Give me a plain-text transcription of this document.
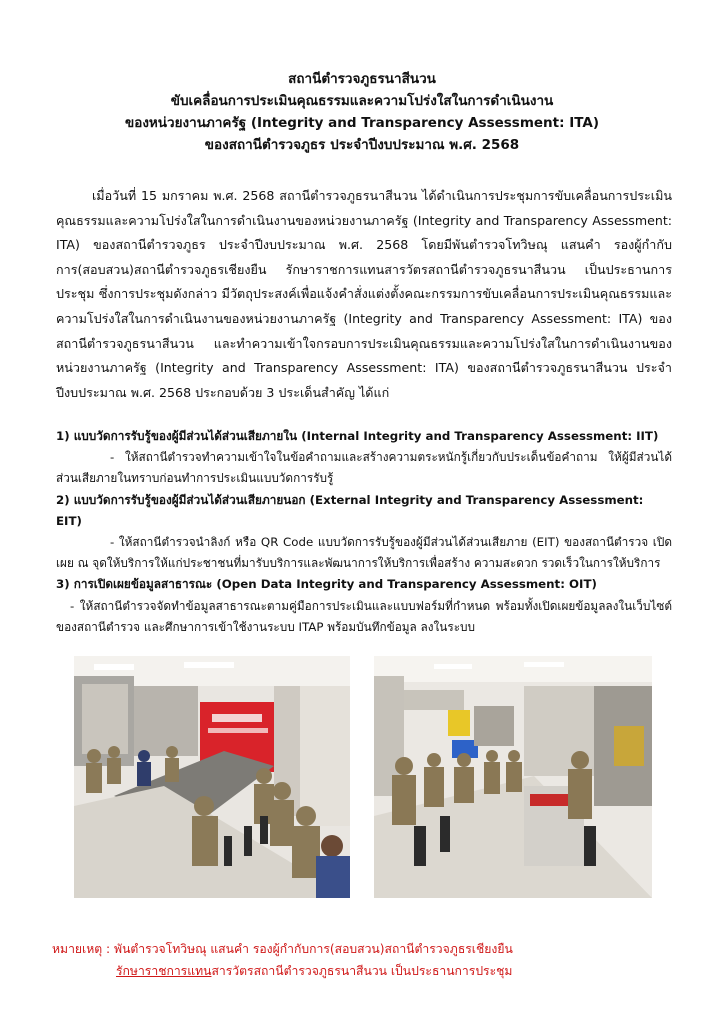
สถานีตำรวจภูธรนาสีนวน
ขับเคลื่อนการประเมินคุณธรรมและความโปร่งใสในการดำเนินงาน
ของหน่วยงานภาครัฐ (Integrity and Transparency Assessment: ITA)
ของสถานีตำรวจภูธร ประจำปีงบประมาณ พ.ศ. 2568
เมื่อวันที่ 15 มกราคม พ.ศ. 2568 สถานีตำรวจภูธรนาสีนวน ได้ดำเนินการประชุมการขับเคลื่อนการประเมินคุณธรรมและความโปร่งใสในการดำเนินงานของหน่วยงานภาครัฐ (Integrity and Transparency Assessment: ITA) ของสถานีตำรวจภูธร ประจำปีงบประมาณ พ.ศ. 2568 โดยมีพันตำรวจโทวิษณุ แสนคำ รองผู้กำกับการ(สอบสวน)สถานีตำรวจภูธรเชียงยืน รักษาราชการแทนสารวัตรสถานีตำรวจภูธรนาสีนวน เป็นประธานการประชุม ซึ่งการประชุมดังกล่าว มีวัตถุประสงค์เพื่อแจ้งคำสั่งแต่งตั้งคณะกรรมการขับเคลื่อนการประเมินคุณธรรมและความโปร่งใสในการดำเนินงานของหน่วยงานภาครัฐ (Integrity and Transparency Assessment: ITA) ของสถานีตำรวจภูธรนาสีนวน และทำความเข้าใจกรอบการประเมินคุณธรรมและความโปร่งใสในการดำเนินงานของหน่วยงานภาครัฐ (Integrity and Transparency Assessment: ITA) ของสถานีตำรวจภูธรนาสีนวน ประจำปีงบประมาณ พ.ศ. 2568 ประกอบด้วย 3 ประเด็นสำคัญ ได้แก่
1) แบบวัดการรับรู้ของผู้มีส่วนได้ส่วนเสียภายใน (Internal Integrity and Transparency Assessment: IIT)
- ให้สถานีตำรวจทำความเข้าใจในข้อคำถามและสร้างความตระหนักรู้เกี่ยวกับประเด็นข้อคำถาม ให้ผู้มีส่วนได้ส่วนเสียภายในทราบก่อนทำการประเมินแบบวัดการรับรู้
2) แบบวัดการรับรู้ของผู้มีส่วนได้ส่วนเสียภายนอก (External Integrity and Transparency Assessment: EIT)
- ให้สถานีตำรวจนำลิงก์ หรือ QR Code แบบวัดการรับรู้ของผู้มีส่วนได้ส่วนเสียภาย (EIT) ของสถานีตำรวจ เปิดเผย ณ จุดให้บริการให้แก่ประชาชนที่มารับบริการและพัฒนาการให้บริการเพื่อสร้าง ความสะดวก รวดเร็วในการให้บริการ
3) การเปิดเผยข้อมูลสาธารณะ (Open Data Integrity and Transparency Assessment: OIT)
- ให้สถานีตำรวจจัดทำข้อมูลสาธารณะตามคู่มือการประเมินและแบบฟอร์มที่กำหนด พร้อมทั้งเปิดเผยข้อมูลลงในเว็บไซต์ของสถานีตำรวจ และศึกษาการเข้าใช้งานระบบ ITAP พร้อมบันทึกข้อมูล ลงในระบบ
หมายเหตุ : พันตำรวจโทวิษณุ แสนคำ รองผู้กำกับการ(สอบสวน)สถานีตำรวจภูธรเชียงยืน
รักษาราชการแทนสารวัตรสถานีตำรวจภูธรนาสีนวน เป็นประธานการประชุม
